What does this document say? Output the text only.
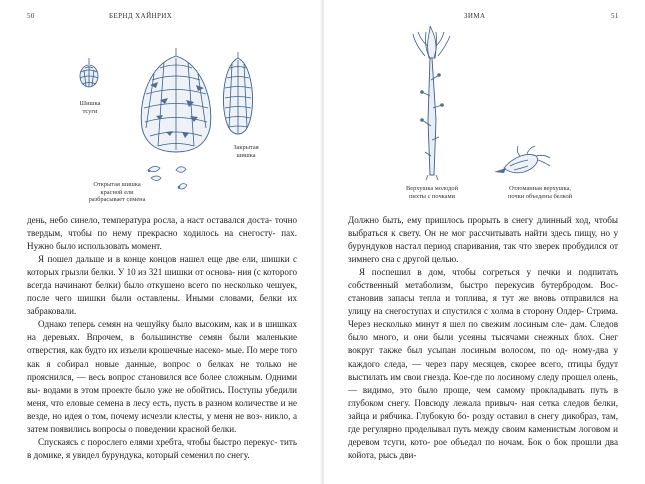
50	БЕРНД ХАЙНРИХ
Шишка
тсуги
Закрытая
шишка
Открытая шишка
красной ели
разбрасывает семена

день, небо синело, температура росла, а наст оставался доста- точно твердым, чтобы по нему прекрасно ходилось на снегосту- пах. Нужно было использовать момент.

Я пошел дальше и в конце концов нашел еще две ели, шишки с которых грызли белки. У 10 из 321 шишки от основа- ния (с которого всегда начинают белки) было откушено всего по несколько чешуек, после чего шишки были оставлены. Иными словами, белки их забраковали.

Однако теперь семян на чешуйку было высоким, как и в шишках на деревьях. Впрочем, в большинстве семян были маленькие отверстия, как будто их изъели крошечные насеко- мые. По мере того как я собирал новые данные, вопрос о белках не только не прояснился, — весь вопрос становился все более сложным. Одними вы- водами в этом проекте было уже не обойтись. Поступы убедили меня, что еловые семена в лесу есть, пусть в разном количестве и не везде, но идея о том, почему исчезли клесты, у меня не воз- никло, а затем появились вопросы о поведении красной белки.

Спускаясь с порослего елями хребта, чтобы быстро перекус- тить в домике, я увидел бурундука, который семенил по снегу.

ЗИМА	51
Верхушка молодой
пихты с почками
Отломанная верхушка,
почки объедены белкой

Должно быть, ему пришлось прорыть в снегу длинный ход, чтобы выбраться к свету. Он не мог рассчитывать найти здесь пищу, но у бурундуков настал период спаривания, так что зверек пробудился от зимнего сна с другой целью.

Я поспешил в дом, чтобы согреться у печки и подпитать собственный метаболизм, быстро перекусив бутербродом. Вос- становив запасы тепла и топлива, я тут же вновь отправился на улицу на снегоступах и спустился с холма в сторону Олдер- Стрима. Через несколько минут я шел по свежим лосиным сле- дам. Следов было много, и они были усеяны тысячами снежных блох. Снег вокруг также был усыпан лосиным волосом, по од- ному-два у каждого следа, — через пару месяцев, скорее всего, птицы будут выстилать им свои гнезда. Кое-где по лосиному следу прошел олень, — видимо, это было проще, чем самому прокладывать путь в глубоком снегу. Повсюду лежала привыч- ная сетка следов белки, зайца и рябчика. Глубокую бо- розду оставил в снегу дикобраз, там, где регулярно проделывал путь между своим каменистым логовом и деревом тсуги, кото- рое объедал по ночам. Бок о бок прошли два койота, рысь дви-
